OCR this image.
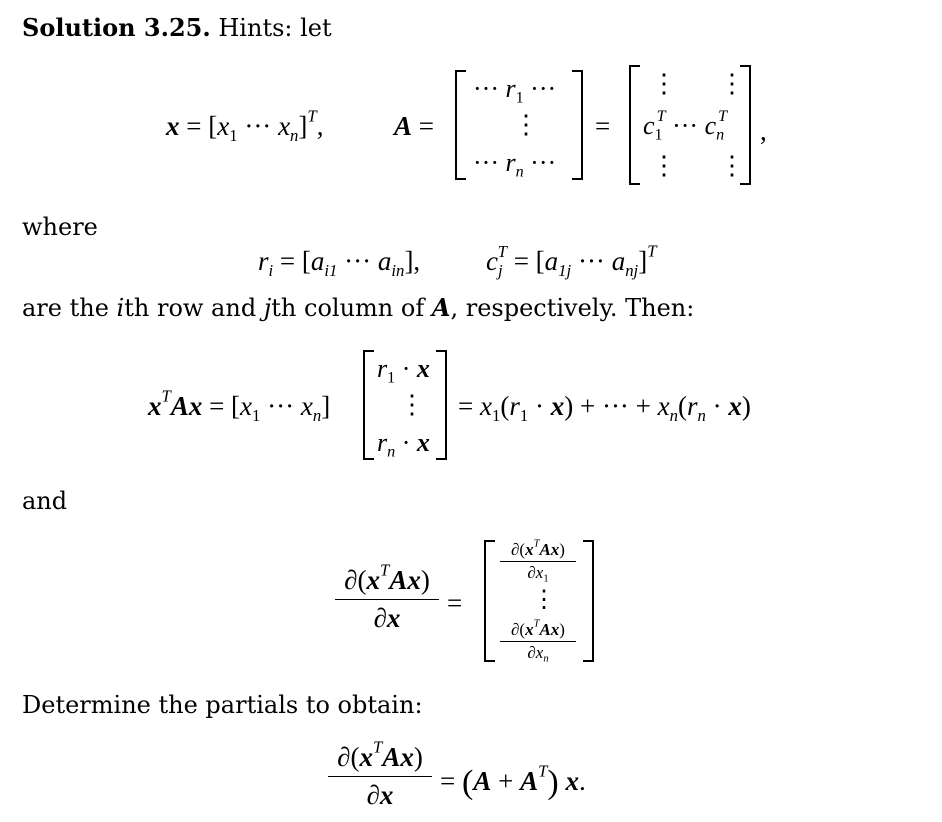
Solution 3.25. Hints: let
$x = [x_1$ ··· $x_n]^T$,	A =
··· $r_1$ ···
⋮
··· $r_n$ ···
=
⋮ ⋮
$c_1^T$ ··· $c_n^T$
⋮ ⋮
,
where
$r_i = [a_{i1}$ ··· $a_{in}$], $c_j^T = [a_{1j}$ ··· $a_{nj}]^T$
are the ith row and jth column of A, respectively. Then:
$x^TAx = [x_1$ ··· $x_n$]
$r_1 \cdot x$
⋮
$r_n \cdot x$
= $x_1(r_1 \cdot x)$ + ··· + $x_n(r_n \cdot x)$
and
$\partial(x^TAx)$
∂x	=
$\partial(x^TAx)$
$\partial x_1$
⋮
$\partial(x^TAx)$
$\partial x_n$
Determine the partials to obtain:
$\partial(x^TAx)$
∂x	= $(A + A^T)$ x.
